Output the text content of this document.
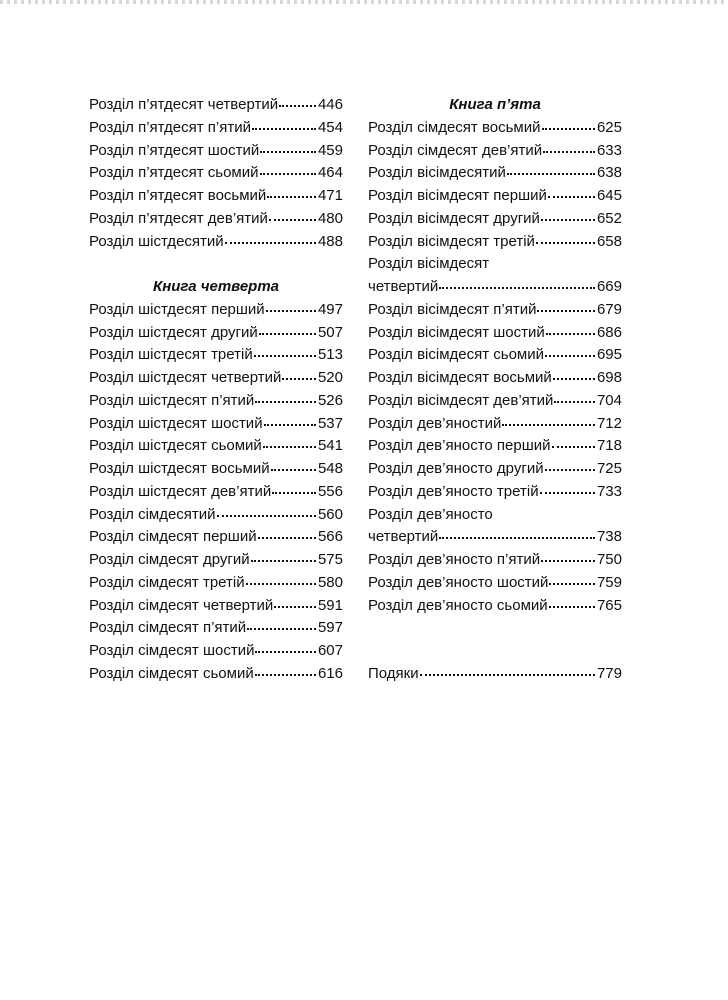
Розділ п’ятдесят четвертий	446
Розділ п’ятдесят п’ятий	454
Розділ п’ятдесят шостий	459
Розділ п’ятдесят сьомий	464
Розділ п’ятдесят восьмий	471
Розділ п’ятдесят дев’ятий	480
Розділ шістдесятий	488
Книга четверта
Розділ шістдесят перший	497
Розділ шістдесят другий	507
Розділ шістдесят третій	513
Розділ шістдесят четвертий 520
Розділ шістдесят п’ятий	526
Розділ шістдесят шостий	537
Розділ шістдесят сьомий	541
Розділ шістдесят восьмий	548
Розділ шістдесят дев’ятий	556
Розділ сімдесятий	560
Розділ сімдесят перший	566
Розділ сімдесят другий	575
Розділ сімдесят третій	580
Розділ сімдесят четвертий	591
Розділ сімдесят п’ятий	597
Розділ сімдесят шостий	607
Розділ сімдесят сьомий	616
Книга п’ята
Розділ сімдесят восьмий	625
Розділ сімдесят дев’ятий	633
Розділ вісімдесятий	638
Розділ вісімдесят перший	645
Розділ вісімдесят другий	652
Розділ вісімдесят третій	658
Розділ вісімдесят
четвертий	669
Розділ вісімдесят п’ятий	679
Розділ вісімдесят шостий	686
Розділ вісімдесят сьомий	695
Розділ вісімдесят восьмий	698
Розділ вісімдесят дев’ятий	704
Розділ дев’яностий	712
Розділ дев’яносто перший	718
Розділ дев’яносто другий	725
Розділ дев’яносто третій	733
Розділ дев’яносто
четвертий	738
Розділ дев’яносто п’ятий	750
Розділ дев’яносто шостий	759
Розділ дев’яносто сьомий	765
Подяки	779
